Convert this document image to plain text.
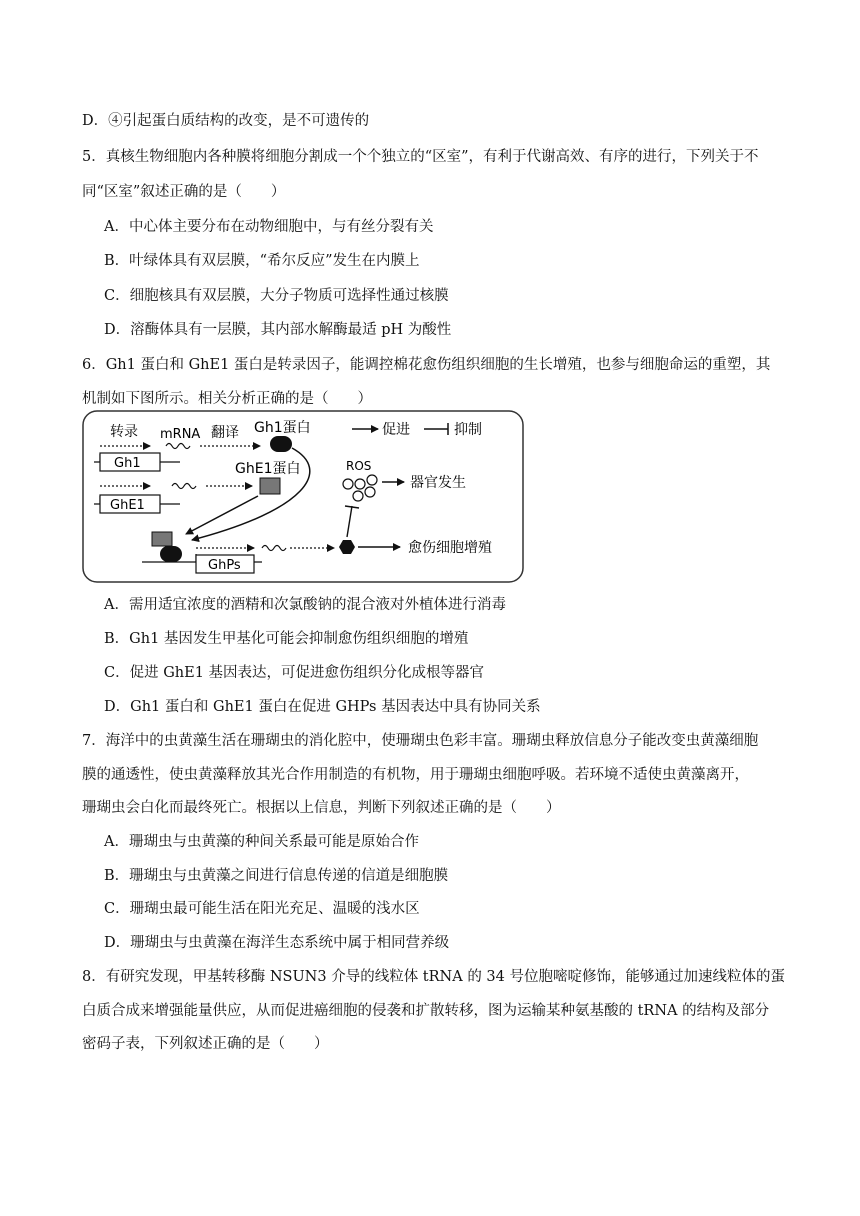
D．④引起蛋白质结构的改变，是不可遗传的
5．真核生物细胞内各种膜将细胞分割成一个个独立的“区室”，有利于代谢高效、有序的进行，下列关于不
同“区室”叙述正确的是（　　）
A．中心体主要分布在动物细胞中，与有丝分裂有关
B．叶绿体具有双层膜，“希尔反应”发生在内膜上
C．细胞核具有双层膜，大分子物质可选择性通过核膜
D．溶酶体具有一层膜，其内部水解酶最适 pH 为酸性
6．Gh1 蛋白和 GhE1 蛋白是转录因子，能调控棉花愈伤组织细胞的生长增殖，也参与细胞命运的重塑，其
机制如下图所示。相关分析正确的是（　　）
转录 mRNA 翻译 Gh1蛋白
GhE1蛋白
Gh1
GhE1
GhPs
愈伤细胞增殖
ROS
器官发生
促进	抑制
A．需用适宜浓度的酒精和次氯酸钠的混合液对外植体进行消毒
B．Gh1 基因发生甲基化可能会抑制愈伤组织细胞的增殖
C．促进 GhE1 基因表达，可促进愈伤组织分化成根等器官
D．Gh1 蛋白和 GhE1 蛋白在促进 GHPs 基因表达中具有协同关系
7．海洋中的虫黄藻生活在珊瑚虫的消化腔中，使珊瑚虫色彩丰富。珊瑚虫释放信息分子能改变虫黄藻细胞
膜的通透性，使虫黄藻释放其光合作用制造的有机物，用于珊瑚虫细胞呼吸。若环境不适使虫黄藻离开，
珊瑚虫会白化而最终死亡。根据以上信息，判断下列叙述正确的是（　　）
A．珊瑚虫与虫黄藻的种间关系最可能是原始合作
B．珊瑚虫与虫黄藻之间进行信息传递的信道是细胞膜
C．珊瑚虫最可能生活在阳光充足、温暖的浅水区
D．珊瑚虫与虫黄藻在海洋生态系统中属于相同营养级
8．有研究发现，甲基转移酶 NSUN3 介导的线粒体 tRNA 的 34 号位胞嘧啶修饰，能够通过加速线粒体的蛋
白质合成来增强能量供应，从而促进癌细胞的侵袭和扩散转移，图为运输某种氨基酸的 tRNA 的结构及部分
密码子表，下列叙述正确的是（　　）
